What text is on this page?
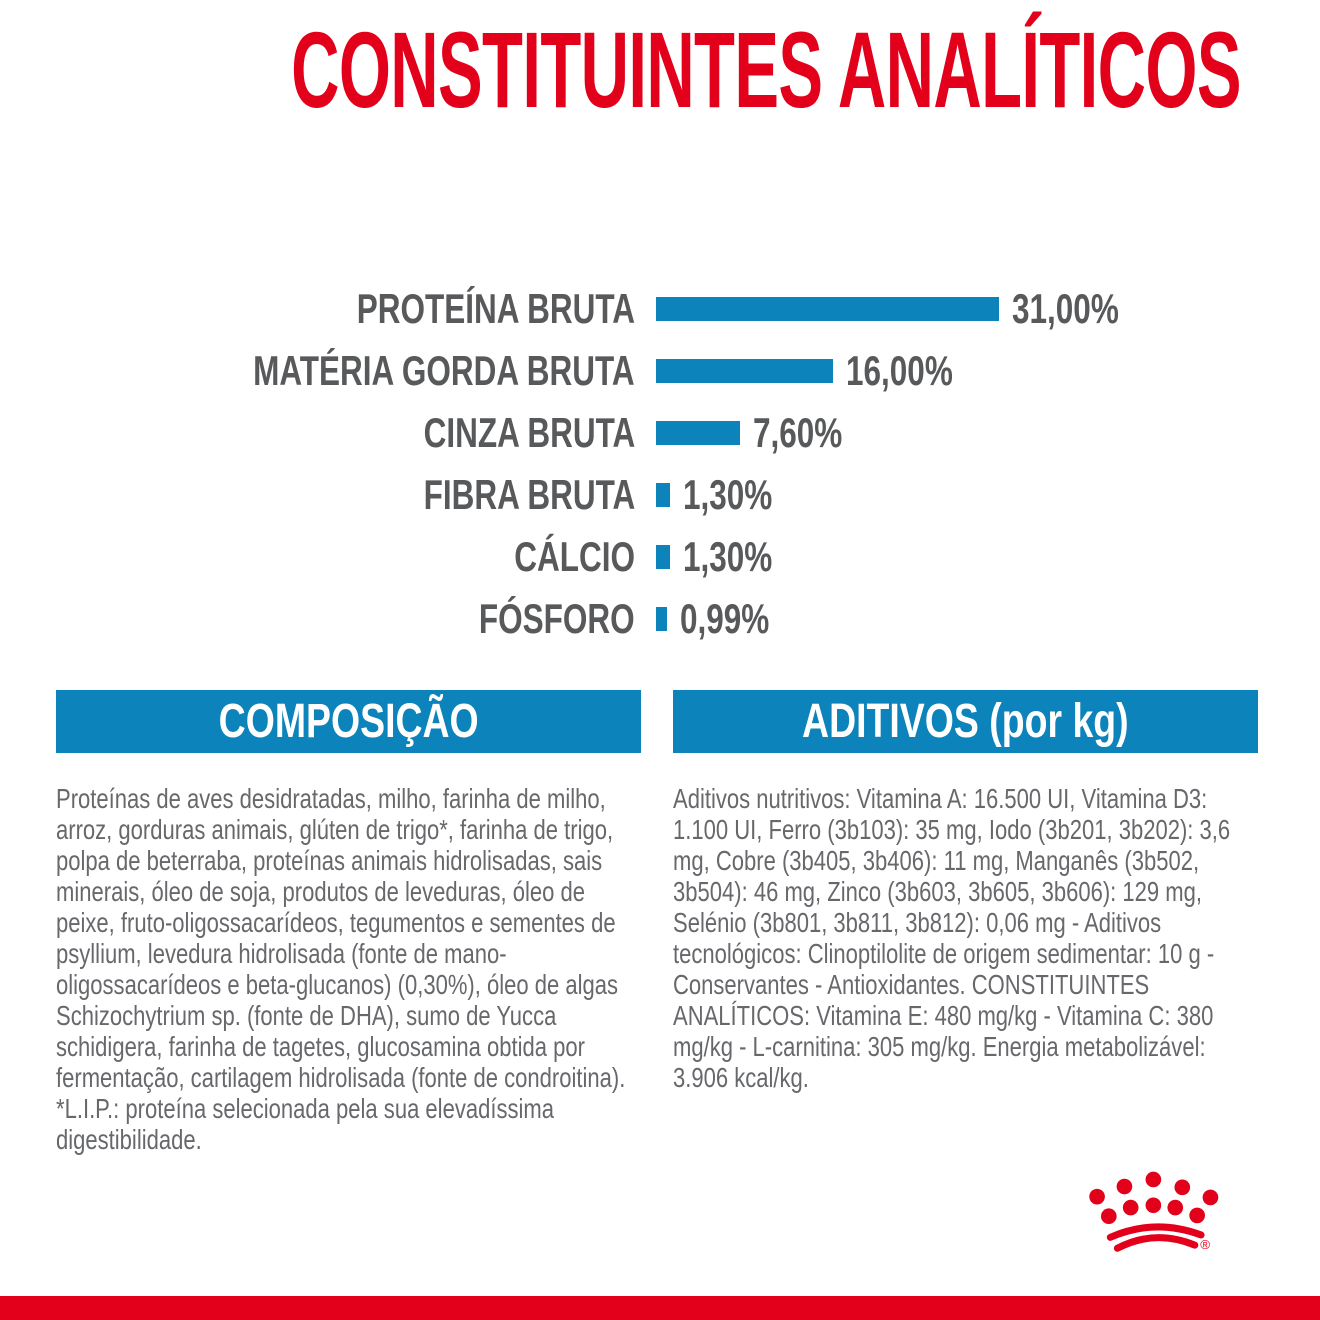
CONSTITUINTES ANALÍTICOS
PROTEÍNA BRUTA	31,00%
MATÉRIA GORDA BRUTA	16,00%
CINZA BRUTA	7,60%
FIBRA BRUTA 1,30%
CÁLCIO 1,30%
FÓSFORO 0,99%
COMPOSIÇÃO

Proteínas de aves desidratadas, milho, farinha de milho, arroz, gorduras animais, glúten de trigo*, farinha de trigo, polpa de beterraba, proteínas animais hidrolisadas, sais minerais, óleo de soja, produtos de leveduras, óleo de peixe, fruto-oligossacarídeos, tegumentos e sementes de psyllium, levedura hidrolisada (fonte de mano-oligossacarídeos e beta-glucanos) (0,30%), óleo de algas Schizochytrium sp. (fonte de DHA), sumo de Yucca schidigera, farinha de tagetes, glucosamina obtida por fermentação, cartilagem hidrolisada (fonte de condroitina). *L.I.P.: proteína selecionada pela sua elevadíssima digestibilidade.

ADITIVOS (por kg)

Aditivos nutritivos: Vitamina A: 16.500 UI, Vitamina D3: 1.100 UI, Ferro (3b103): 35 mg, Iodo (3b201, 3b202): 3,6 mg, Cobre (3b405, 3b406): 11 mg, Manganês (3b502, 3b504): 46 mg, Zinco (3b603, 3b605, 3b606): 129 mg, Selénio (3b801, 3b811, 3b812): 0,06 mg - Aditivos tecnológicos: Clinoptilolite de origem sedimentar: 10 g - Conservantes - Antioxidantes. CONSTITUINTES ANALÍTICOS: Vitamina E: 480 mg/kg - Vitamina C: 380 mg/kg - L-carnitina: 305 mg/kg. Energia metabolizável: 3.906 kcal/kg.

®
